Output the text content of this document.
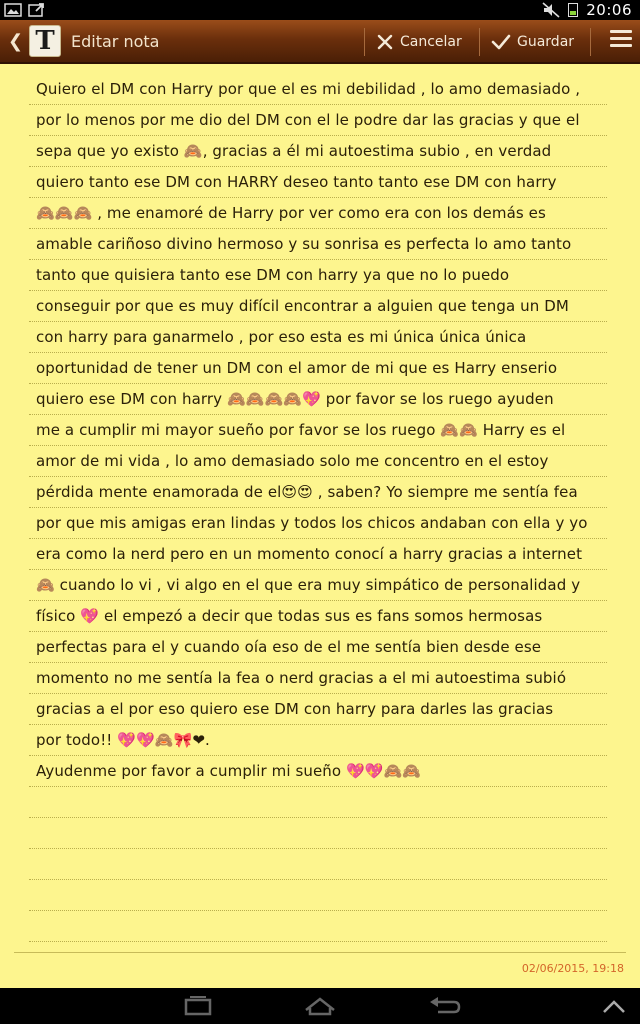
20:06
❮ T	Editar nota	Cancelar	Guardar
Quiero el DM con Harry por que el es mi debilidad , lo amo demasiado ,
por lo menos por me dio del DM con el le podre dar las gracias y que el
sepa que yo existo 🙈, gracias a él mi autoestima subio , en verdad
quiero tanto ese DM con HARRY deseo tanto tanto ese DM con harry
🙈🙈🙈 , me enamoré de Harry por ver como era con los demás es
amable cariñoso divino hermoso y su sonrisa es perfecta lo amo tanto
tanto que quisiera tanto ese DM con harry ya que no lo puedo
conseguir por que es muy difícil encontrar a alguien que tenga un DM
con harry para ganarmelo , por eso esta es mi única única única
oportunidad de tener un DM con el amor de mi que es Harry enserio
quiero ese DM con harry 🙈🙈🙈🙈💖 por favor se los ruego ayuden
me a cumplir mi mayor sueño por favor se los ruego 🙈🙈 Harry es el
amor de mi vida , lo amo demasiado solo me concentro en el estoy
pérdida mente enamorada de el😍😍 , saben? Yo siempre me sentía fea
por que mis amigas eran lindas y todos los chicos andaban con ella y yo
era como la nerd pero en un momento conocí a harry gracias a internet
🙈 cuando lo vi , vi algo en el que era muy simpático de personalidad y
físico 💖 el empezó a decir que todas sus es fans somos hermosas
perfectas para el y cuando oía eso de el me sentía bien desde ese
momento no me sentía la fea o nerd gracias a el mi autoestima subió
gracias a el por eso quiero ese DM con harry para darles las gracias
por todo!! 💖💖🙈🎀❤.
Ayudenme por favor a cumplir mi sueño 💖💖🙈🙈
02/06/2015, 19:18
